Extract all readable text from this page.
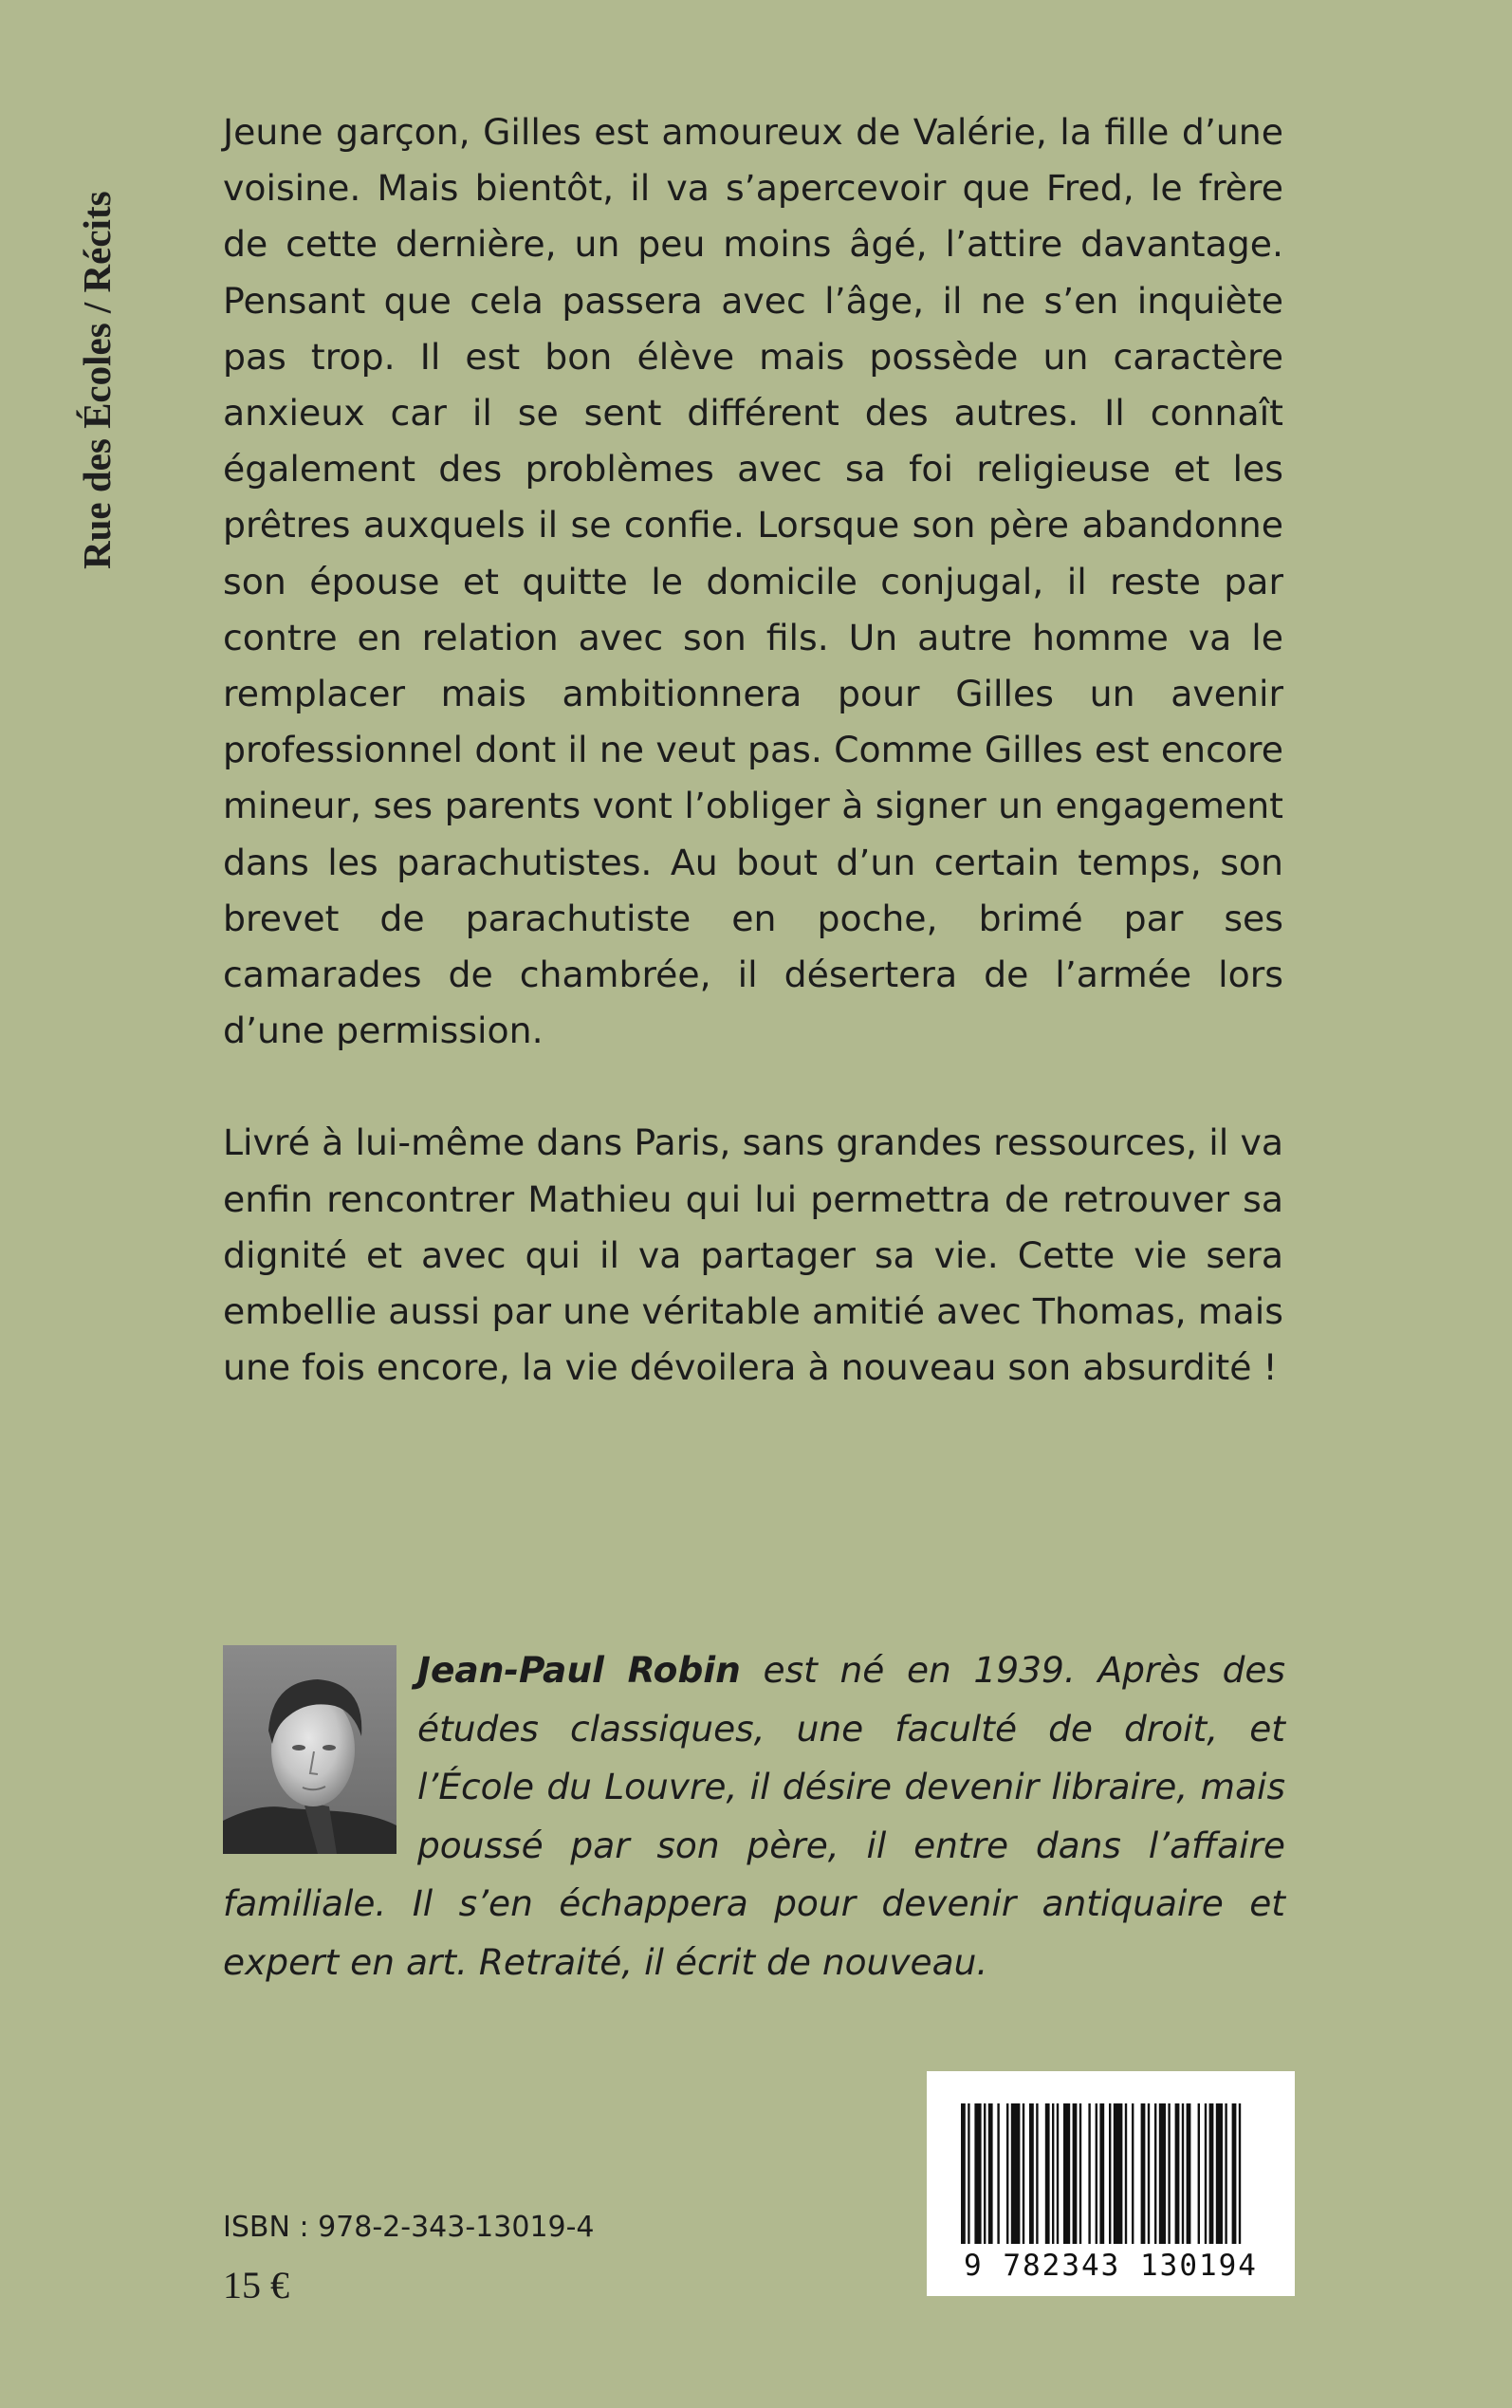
Rue des Écoles / Récits

Jeune garçon, Gilles est amoureux de Valérie, la fille d’une voisine. Mais bientôt, il va s’apercevoir que Fred, le frère de cette dernière, un peu moins âgé, l’attire davantage. Pensant que cela passera avec l’âge, il ne s’en inquiète pas trop. Il est bon élève mais possède un caractère anxieux car il se sent différent des autres. Il connaît également des problèmes avec sa foi religieuse et les prêtres auxquels il se confie. Lorsque son père abandonne son épouse et quitte le domicile conjugal, il reste par contre en relation avec son fils. Un autre homme va le remplacer mais ambitionnera pour Gilles un avenir professionnel dont il ne veut pas. Comme Gilles est encore mineur, ses parents vont l’obliger à signer un engagement dans les parachutistes. Au bout d’un certain temps, son brevet de parachutiste en poche, brimé par ses camarades de chambrée, il désertera de l’armée lors d’une permission.

Livré à lui-même dans Paris, sans grandes ressources, il va enfin rencontrer Mathieu qui lui permettra de retrouver sa dignité et avec qui il va partager sa vie. Cette vie sera embellie aussi par une véritable amitié avec Thomas, mais une fois encore, la vie dévoilera à nouveau son absurdité !

Jean-Paul Robin est né en 1939. Après des études classiques, une faculté de droit, et l’École du Louvre, il désire devenir libraire, mais poussé par son père, il entre dans l’affaire familiale. Il s’en échappera pour devenir antiquaire et expert en art. Retraité, il écrit de nouveau.

ISBN : 978-2-343-13019-4
15 €	9 782343 130194
